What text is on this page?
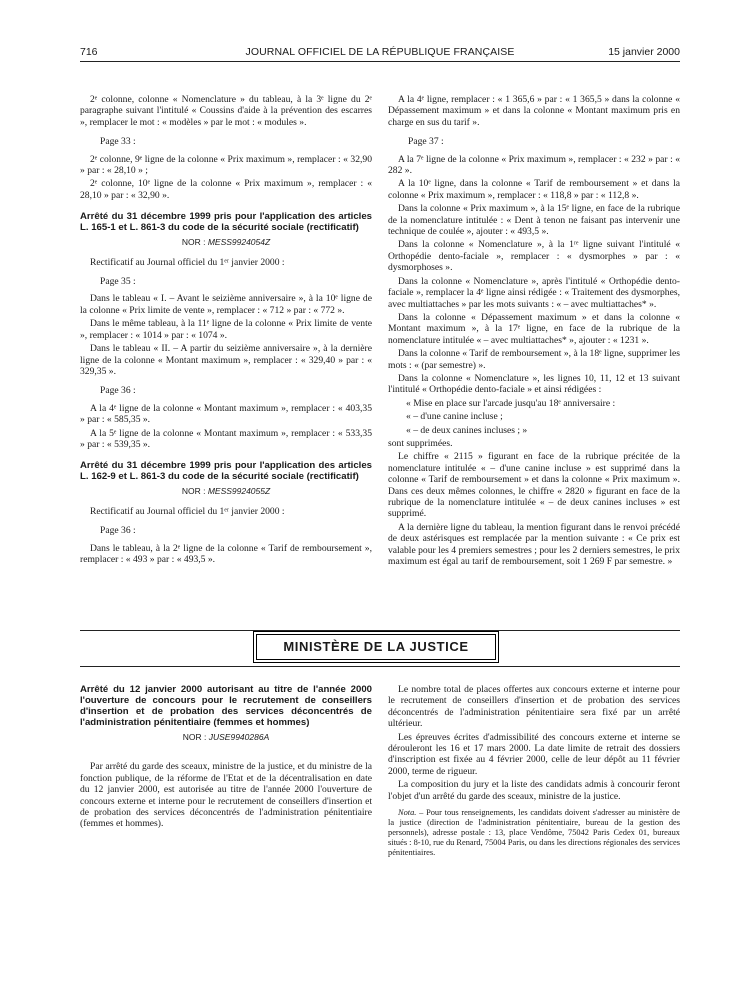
716	JOURNAL OFFICIEL DE LA RÉPUBLIQUE FRANÇAISE	15 janvier 2000

2ᵉ colonne, colonne « Nomenclature » du tableau, à la 3ᵉ ligne du 2ᵉ paragraphe suivant l'intitulé « Coussins d'aide à la prévention des escarres », remplacer le mot : « modèles » par le mot : « modules ».

Page 33 :

2ᵉ colonne, 9ᵉ ligne de la colonne « Prix maximum », remplacer : « 32,90 » par : « 28,10 » ;

2ᵉ colonne, 10ᵉ ligne de la colonne « Prix maximum », remplacer : « 28,10 » par : « 32,90 ».

Arrêté du 31 décembre 1999 pris pour l'application des articles L. 165-1 et L. 861-3 du code de la sécurité sociale (rectificatif)

NOR : MESS9924054Z

Rectificatif au Journal officiel du 1ᵉʳ janvier 2000 :

Page 35 :

Dans le tableau « I. – Avant le seizième anniversaire », à la 10ᵉ ligne de la colonne « Prix limite de vente », remplacer : « 712 » par : « 772 ».

Dans le même tableau, à la 11ᵉ ligne de la colonne « Prix limite de vente », remplacer : « 1014 » par : « 1074 ».

Dans le tableau « II. – A partir du seizième anniversaire », à la dernière ligne de la colonne « Montant maximum », remplacer : « 329,40 » par : « 329,35 ».

Page 36 :

A la 4ᵉ ligne de la colonne « Montant maximum », remplacer : « 403,35 » par : « 585,35 ».

A la 5ᵉ ligne de la colonne « Montant maximum », remplacer : « 533,35 » par : « 539,35 ».

Arrêté du 31 décembre 1999 pris pour l'application des articles L. 162-9 et L. 861-3 du code de la sécurité sociale (rectificatif)

NOR : MESS9924055Z

Rectificatif au Journal officiel du 1ᵉʳ janvier 2000 :

Page 36 :

Dans le tableau, à la 2ᵉ ligne de la colonne « Tarif de remboursement », remplacer : « 493 » par : « 493,5 ».

A la 4ᵉ ligne, remplacer : « 1 365,6 » par : « 1 365,5 » dans la colonne « Dépassement maximum » et dans la colonne « Montant maximum pris en charge en sus du tarif ».

Page 37 :

A la 7ᵉ ligne de la colonne « Prix maximum », remplacer : « 232 » par : « 282 ».

A la 10ᵉ ligne, dans la colonne « Tarif de remboursement » et dans la colonne « Prix maximum », remplacer : « 118,8 » par : « 112,8 ».

Dans la colonne « Prix maximum », à la 15ᵉ ligne, en face de la rubrique de la nomenclature intitulée : « Dent à tenon ne faisant pas intervenir une technique de coulée », ajouter : « 493,5 ».

Dans la colonne « Nomenclature », à la 1ʳᵉ ligne suivant l'intitulé « Orthopédie dento-faciale », remplacer : « dysmorphes » par : « dysmorphoses ».

Dans la colonne « Nomenclature », après l'intitulé « Orthopédie dento-faciale », remplacer la 4ᵉ ligne ainsi rédigée : « Traitement des dysmorphes, avec multiattaches » par les mots suivants : « – avec multiattaches* ».

Dans la colonne « Dépassement maximum » et dans la colonne « Montant maximum », à la 17ᵉ ligne, en face de la rubrique de la nomenclature intitulée « – avec multiattaches* », ajouter : « 1231 ».

Dans la colonne « Tarif de remboursement », à la 18ᵉ ligne, supprimer les mots : « (par semestre) ».

Dans la colonne « Nomenclature », les lignes 10, 11, 12 et 13 suivant l'intitulé « Orthopédie dento-faciale » et ainsi rédigées :

« Mise en place sur l'arcade jusqu'au 18ᵉ anniversaire :

« – d'une canine incluse ;

« – de deux canines incluses ; »

sont supprimées.

Le chiffre « 2115 » figurant en face de la rubrique précitée de la nomenclature intitulée « – d'une canine incluse » est supprimé dans la colonne « Tarif de remboursement » et dans la colonne « Prix maximum ». Dans ces deux mêmes colonnes, le chiffre « 2820 » figurant en face de la rubrique de la nomenclature intitulée « – de deux canines incluses » est supprimé.

A la dernière ligne du tableau, la mention figurant dans le renvoi précédé de deux astérisques est remplacée par la mention suivante : « Ce prix est valable pour les 4 premiers semestres ; pour les 2 derniers semestres, le prix maximum est égal au tarif de remboursement, soit 1 269 F par semestre. »

MINISTÈRE DE LA JUSTICE

Arrêté du 12 janvier 2000 autorisant au titre de l'année 2000 l'ouverture de concours pour le recrutement de conseillers d'insertion et de probation des services déconcentrés de l'administration pénitentiaire (femmes et hommes)

NOR : JUSE9940286A

Par arrêté du garde des sceaux, ministre de la justice, et du ministre de la fonction publique, de la réforme de l'Etat et de la décentralisation en date du 12 janvier 2000, est autorisée au titre de l'année 2000 l'ouverture de concours externe et interne pour le recrutement de conseillers d'insertion et de probation des services déconcentrés de l'administration pénitentiaire (femmes et hommes).

Le nombre total de places offertes aux concours externe et interne pour le recrutement de conseillers d'insertion et de probation des services déconcentrés de l'administration pénitentiaire sera fixé par un arrêté ultérieur.

Les épreuves écrites d'admissibilité des concours externe et interne se dérouleront les 16 et 17 mars 2000. La date limite de retrait des dossiers d'inscription est fixée au 4 février 2000, celle de leur dépôt au 11 février 2000, terme de rigueur.

La composition du jury et la liste des candidats admis à concourir feront l'objet d'un arrêté du garde des sceaux, ministre de la justice.

Nota. – Pour tous renseignements, les candidats doivent s'adresser au ministère de la justice (direction de l'administration pénitentiaire, bureau de la gestion des personnels), adresse postale : 13, place Vendôme, 75042 Paris Cedex 01, bureaux situés : 8-10, rue du Renard, 75004 Paris, ou dans les directions régionales des services pénitentiaires.
